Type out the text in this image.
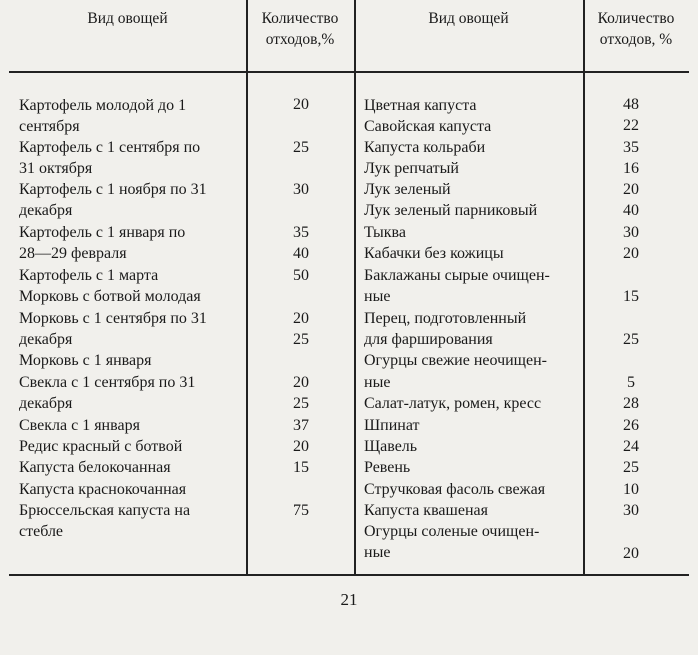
Вид овощей	Количество
отходов,%
Вид овощей	Количество
отходов, %
Картофель молодой до 1
сентября
Картофель с 1 сентября по
31 октября
Картофель с 1 ноября по 31
декабря
Картофель с 1 января по
28—29 февраля
Картофель с 1 марта
Морковь с ботвой молодая
Морковь с 1 сентября по 31
декабря
Морковь с 1 января
Свекла с 1 сентября по 31
декабря
Свекла с 1 января
Редис красный с ботвой
Капуста белокочанная
Капуста краснокочанная
Брюссельская капуста на
стебле
20
25
30
35
40
50
20
25
20
25
37
20
15
75
Цветная капуста
Савойская капуста
Капуста кольраби
Лук репчатый
Лук зеленый
Лук зеленый парниковый
Тыква
Кабачки без кожицы
Баклажаны сырые очищен-
ные
Перец, подготовленный
для фарширования
Огурцы свежие неочищен-
ные
Салат-латук, ромен, кресс
Шпинат
Щавель
Ревень
Стручковая фасоль свежая
Капуста квашеная
Огурцы соленые очищен-
ные
48
22
35
16
20
40
30
20
15
25
5
28
26
24
25
10
30
20
21
